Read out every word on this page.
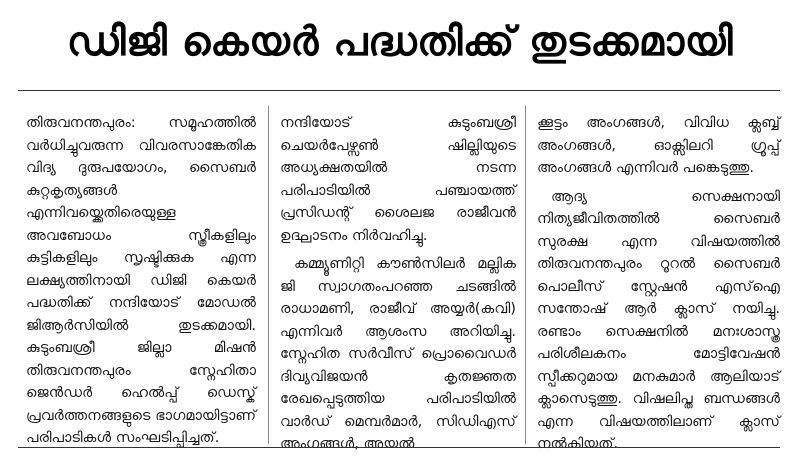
ഡിജി കെയർ പദ്ധതിക്ക് തുടക്കമായി

തിരുവനന്തപുരം: സമൂഹത്തിൽ വർധിച്ചുവരുന്ന വിവരസാങ്കേതിക വിദ്യ ദുരുപയോഗം, സൈബർ കുറ്റകൃത്യങ്ങൾ എന്നിവയ്ക്കെതിരെയുള്ള അവബോധം സ്ത്രീകളിലും കുട്ടികളിലും സൃഷ്ടിക്കുക എന്ന ലക്ഷ്യത്തിനായി ഡിജി കെയർ പദ്ധതിക്ക് നന്ദിയോട് മോഡൽ ജിആർസിയിൽ തുടക്കമായി. കുടുംബശ്രീ ജില്ലാ മിഷൻ തിരുവനന്തപുരം സ്നേഹിതാ ജെൻഡർ ഹെൽപ്പ് ഡെസ്ക് പ്രവർത്തനങ്ങളുടെ ഭാഗമായിട്ടാണ് പരിപാടികൾ സംഘടിപ്പിച്ചത്.

നന്ദിയോട് കുടുംബശ്രീ ചെയർപേഴ്സൺ ഷില്ലിയുടെ അധ്യക്ഷതയിൽ നടന്ന പരിപാടിയിൽ പഞ്ചായത്ത് പ്രസിഡന്റ് ശൈലജ രാജീവൻ ഉദ്ഘാടനം നിർവഹിച്ചു.

കമ്മ്യൂണിറ്റി കൗൺസിലർ മല്ലിക ജി സ്വാഗതംപറഞ്ഞ ചടങ്ങിൽ രാധാമണി, രാജീവ് അയ്യർ(കവി) എന്നിവർ ആശംസ അറിയിച്ചു. സ്നേഹിത സർവീസ് പ്രൊവൈഡർ ദിവ്യവിജയൻ കൃതജ്ഞത രേഖപ്പെടുത്തിയ പരിപാടിയിൽ വാർഡ് മെമ്പർമാർ, സിഡിഎസ് അംഗങ്ങൾ, അയൽ

ക്കൂട്ടം അംഗങ്ങൾ, വിവിധ ക്ലബ്ബ് അംഗങ്ങൾ, ഓക്സിലറി ഗ്രൂപ്പ് അംഗങ്ങൾ എന്നിവർ പങ്കെടുത്തു.

ആദ്യ സെക്ഷനായി നിത്യജീവിതത്തിൽ സൈബർ സുരക്ഷ എന്ന വിഷയത്തിൽ തിരുവനന്തപുരം റൂറൽ സൈബർ പൊലീസ് സ്റ്റേഷൻ എസ്ഐ സന്തോഷ് ആർ ക്ലാസ് നയിച്ചു. രണ്ടാം സെക്ഷനിൽ മനഃശാസ്ത്ര പരിശീലകനം മോട്ടിവേഷൻ സ്പീക്കറുമായ മനകുമാർ ആലിയാട് ക്ലാസെടുത്തു. വിഷലിപ്ത ബന്ധങ്ങൾ എന്ന വിഷയത്തിലാണ് ക്ലാസ് നൽകിയത്.
